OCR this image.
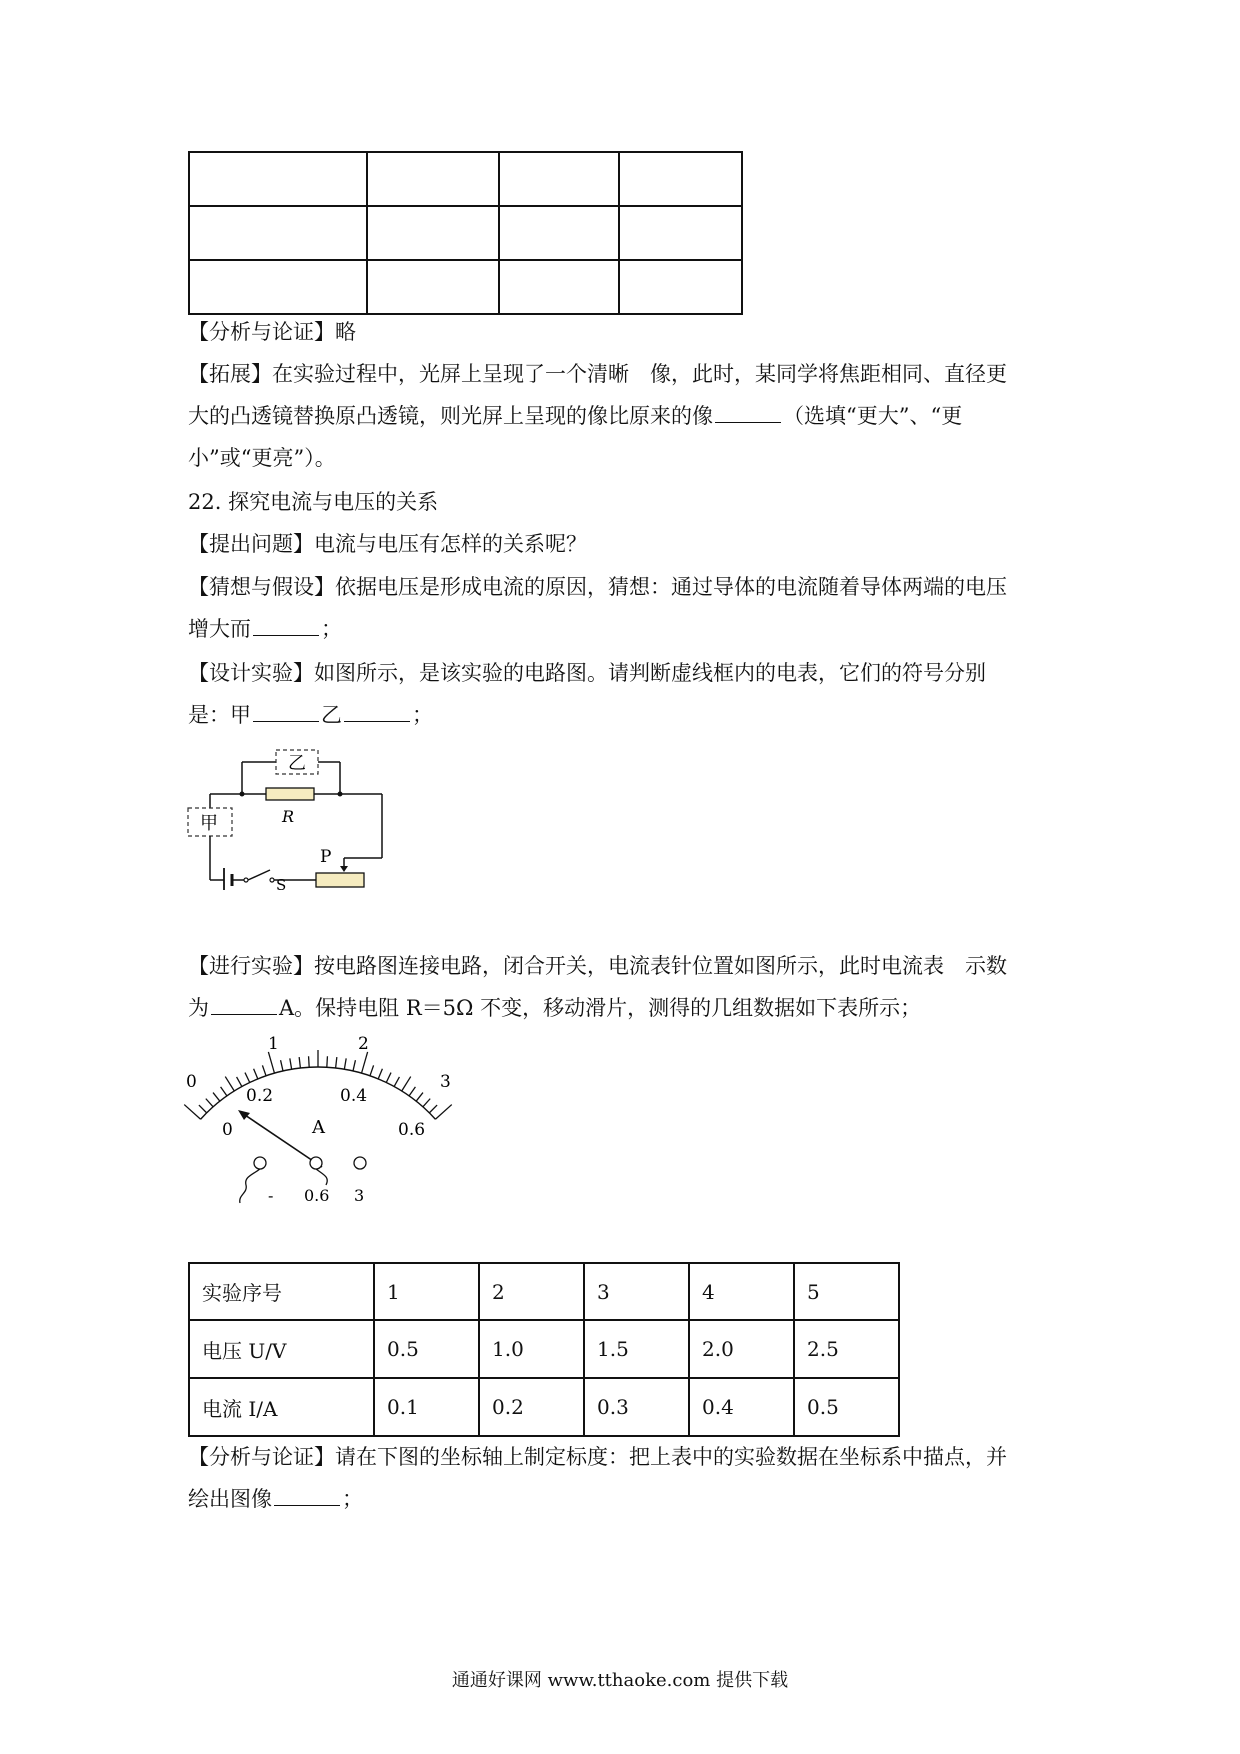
【分析与论证】略
【拓展】在实验过程中，光屏上呈现了一个清晰　像，此时，某同学将焦距相同、直径更
大的凸透镜替换原凸透镜，则光屏上呈现的像比原来的像	（选填“更大”、“更
小”或“更亮”）。
22. 探究电流与电压的关系
【提出问题】电流与电压有怎样的关系呢？
【猜想与假设】依据电压是形成电流的原因，猜想：通过导体的电流随着导体两端的电压
增大而	；
【设计实验】如图所示，是该实验的电路图。请判断虚线框内的电表，它们的符号分别
是：甲	乙	；
乙
R
P
甲
S
【进行实验】按电路图连接电路，闭合开关，电流表针位置如图所示，此时电流表　示数
为	A。保持电阻 R＝5Ω 不变，移动滑片，测得的几组数据如下表所示；
0
1	2
3
0
0.2	0.4
0.6
A
- 0.6 3
实验序号	1	2	3	4	5
电压 U/V	0.5	1.0	1.5	2.0	2.5
电流 I/A	0.1	0.2	0.3	0.4	0.5
【分析与论证】请在下图的坐标轴上制定标度：把上表中的实验数据在坐标系中描点，并
绘出图像	；
通通好课网 www.tthaoke.com 提供下载
